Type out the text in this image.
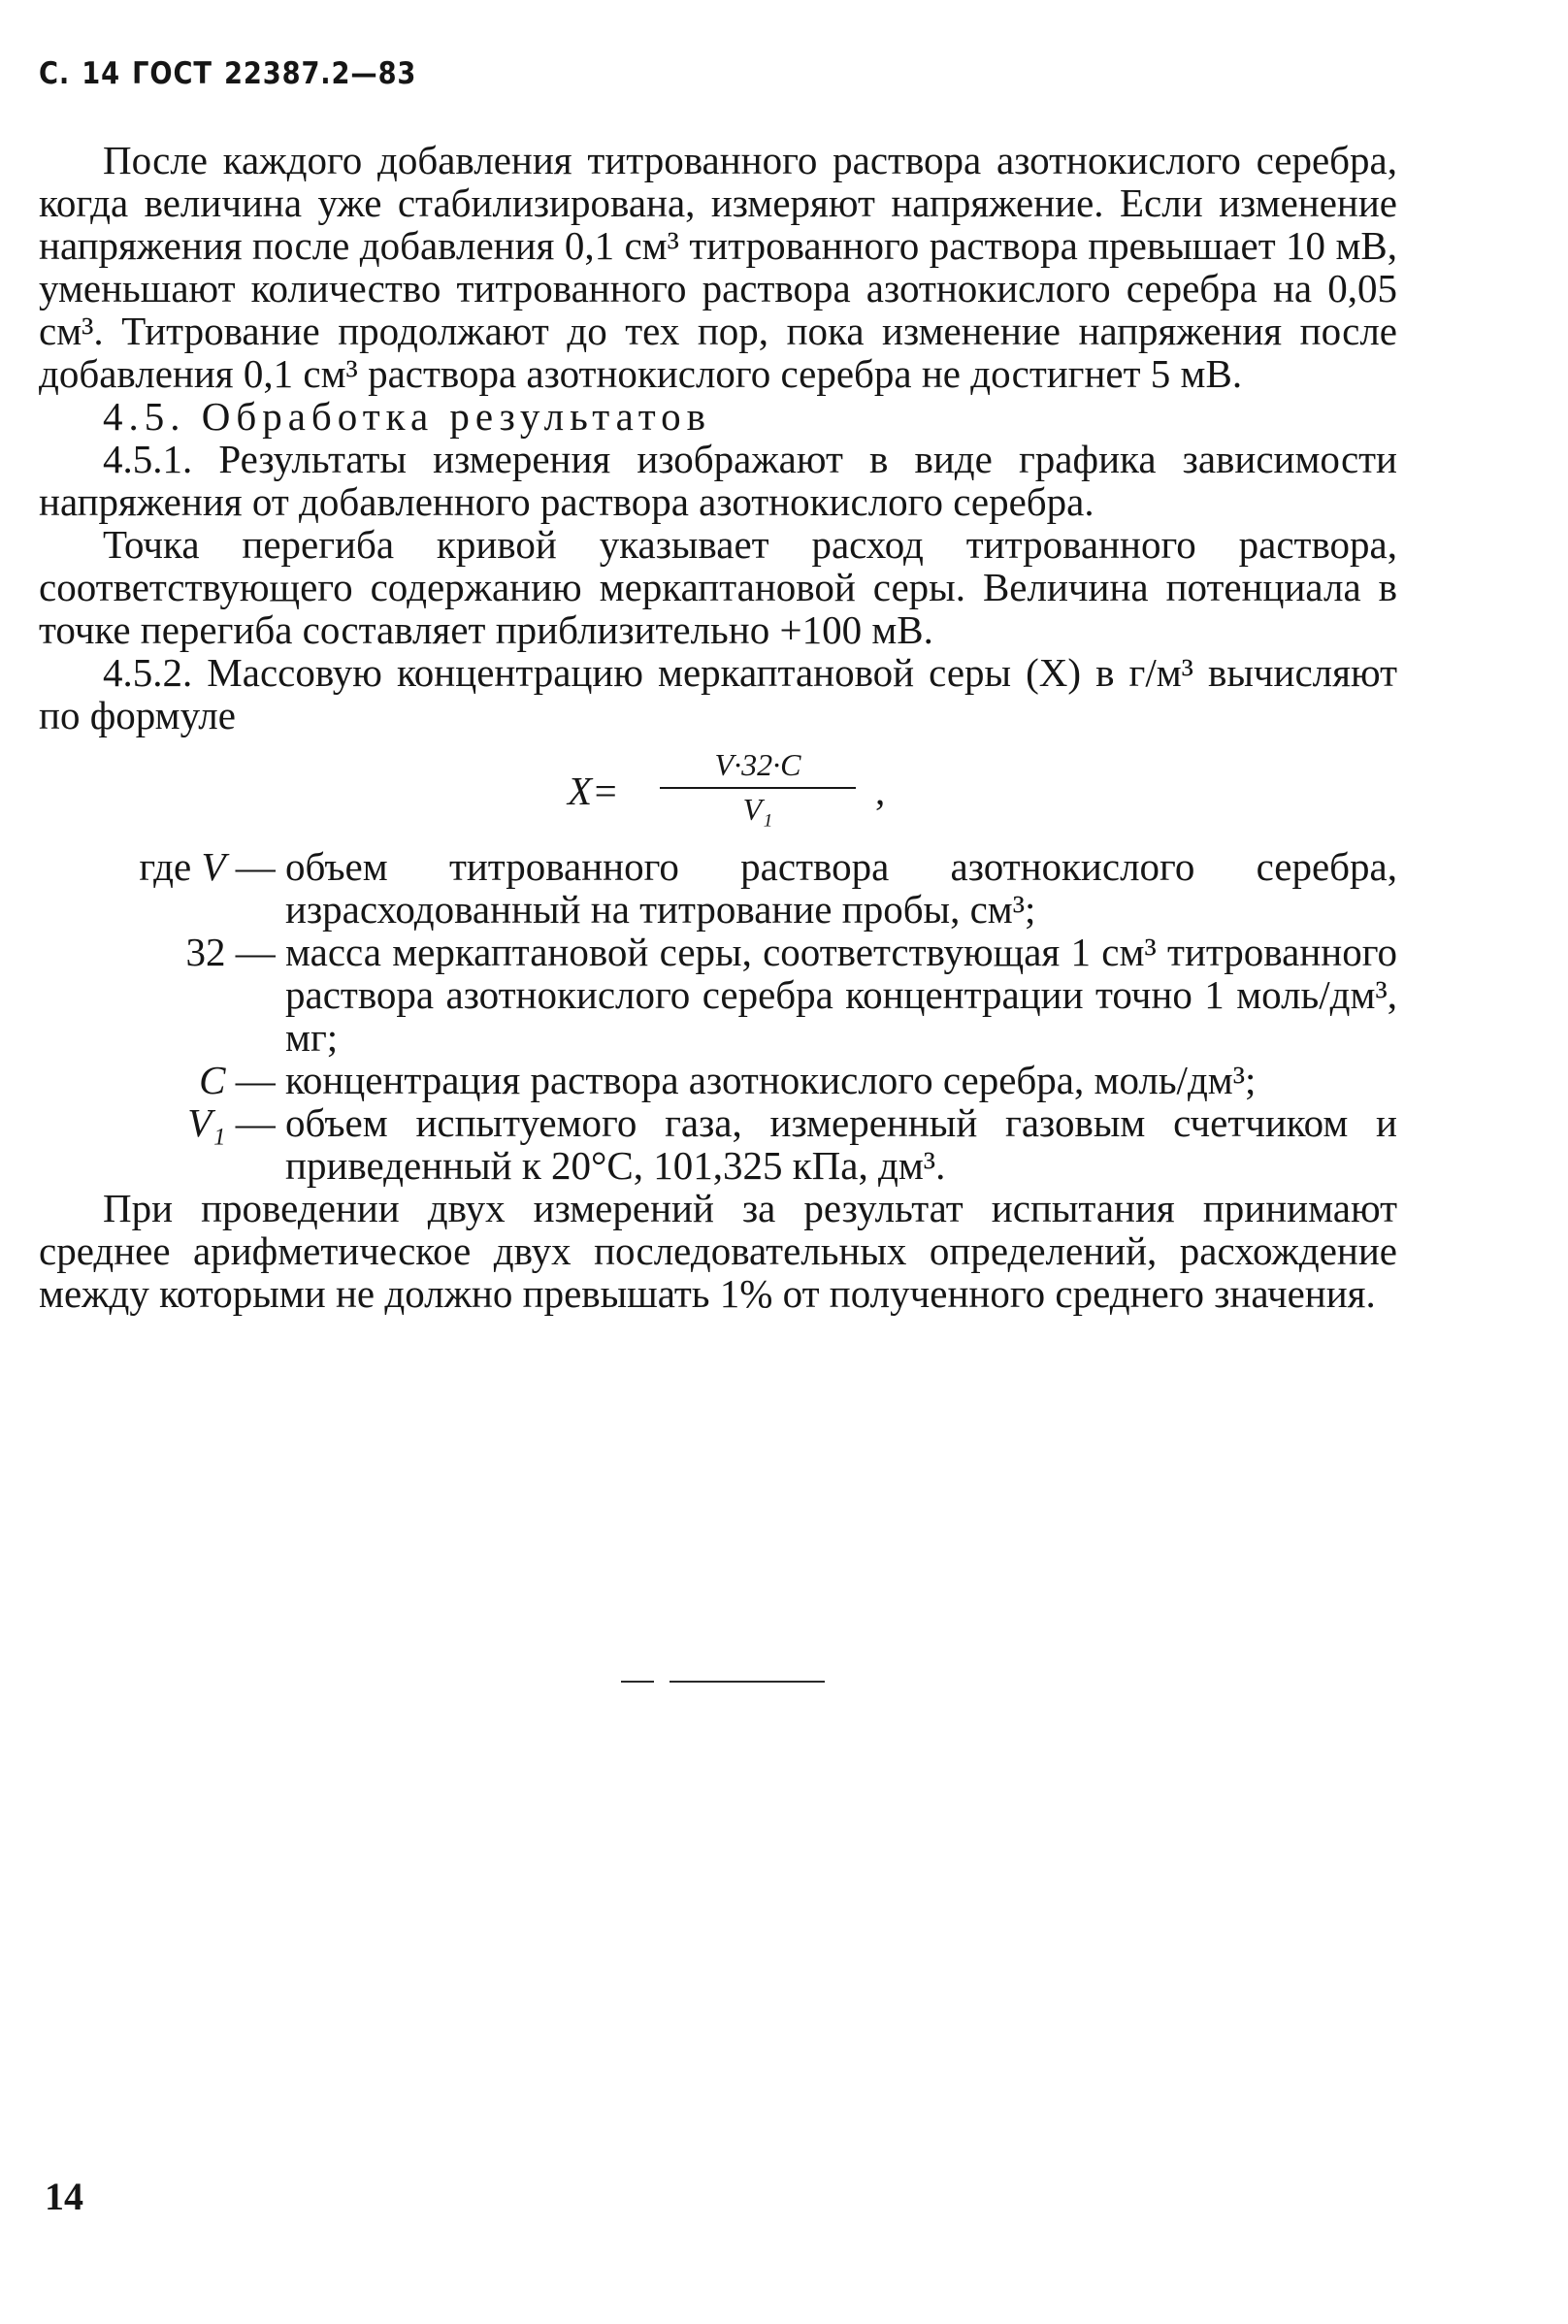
С. 14 ГОСТ 22387.2—83

После каждого добавления титрованного раствора азотнокислого серебра, когда величина уже стабилизирована, измеряют напряжение. Если изменение напряжения после добавления 0,1 см³ титрованного раствора превышает 10 мВ, уменьшают количество титрованного раствора азотнокислого серебра на 0,05 см³. Титрование продолжают до тех пор, пока изменение напряжения после добавления 0,1 см³ раствора азотнокислого серебра не достигнет 5 мВ.

4.5. Обработка результатов

4.5.1. Результаты измерения изображают в виде графика зависимости напряжения от добавленного раствора азотнокислого серебра.

Точка перегиба кривой указывает расход титрованного раствора, соответствующего содержанию меркаптановой серы. Величина потенциала в точке перегиба составляет приблизительно +100 мВ.

4.5.2. Массовую концентрацию меркаптановой серы (X) в г/м³ вычисляют по формуле

X=
V·32·C
V₁	,
где V — объем титрованного раствора азотнокислого серебра, израсходованный на титрование пробы, см³;
32 — масса меркаптановой серы, соответствующая 1 см³ титрованного раствора азотнокислого серебра концентрации точно 1 моль/дм³, мг;
C — концентрация раствора азотнокислого серебра, моль/дм³;
V₁ — объем испытуемого газа, измеренный газовым счетчиком и приведенный к 20°С, 101,325 кПа, дм³.

При проведении двух измерений за результат испытания принимают среднее арифметическое двух последовательных определений, расхождение между которыми не должно превышать 1% от полученного среднего значения.

14
